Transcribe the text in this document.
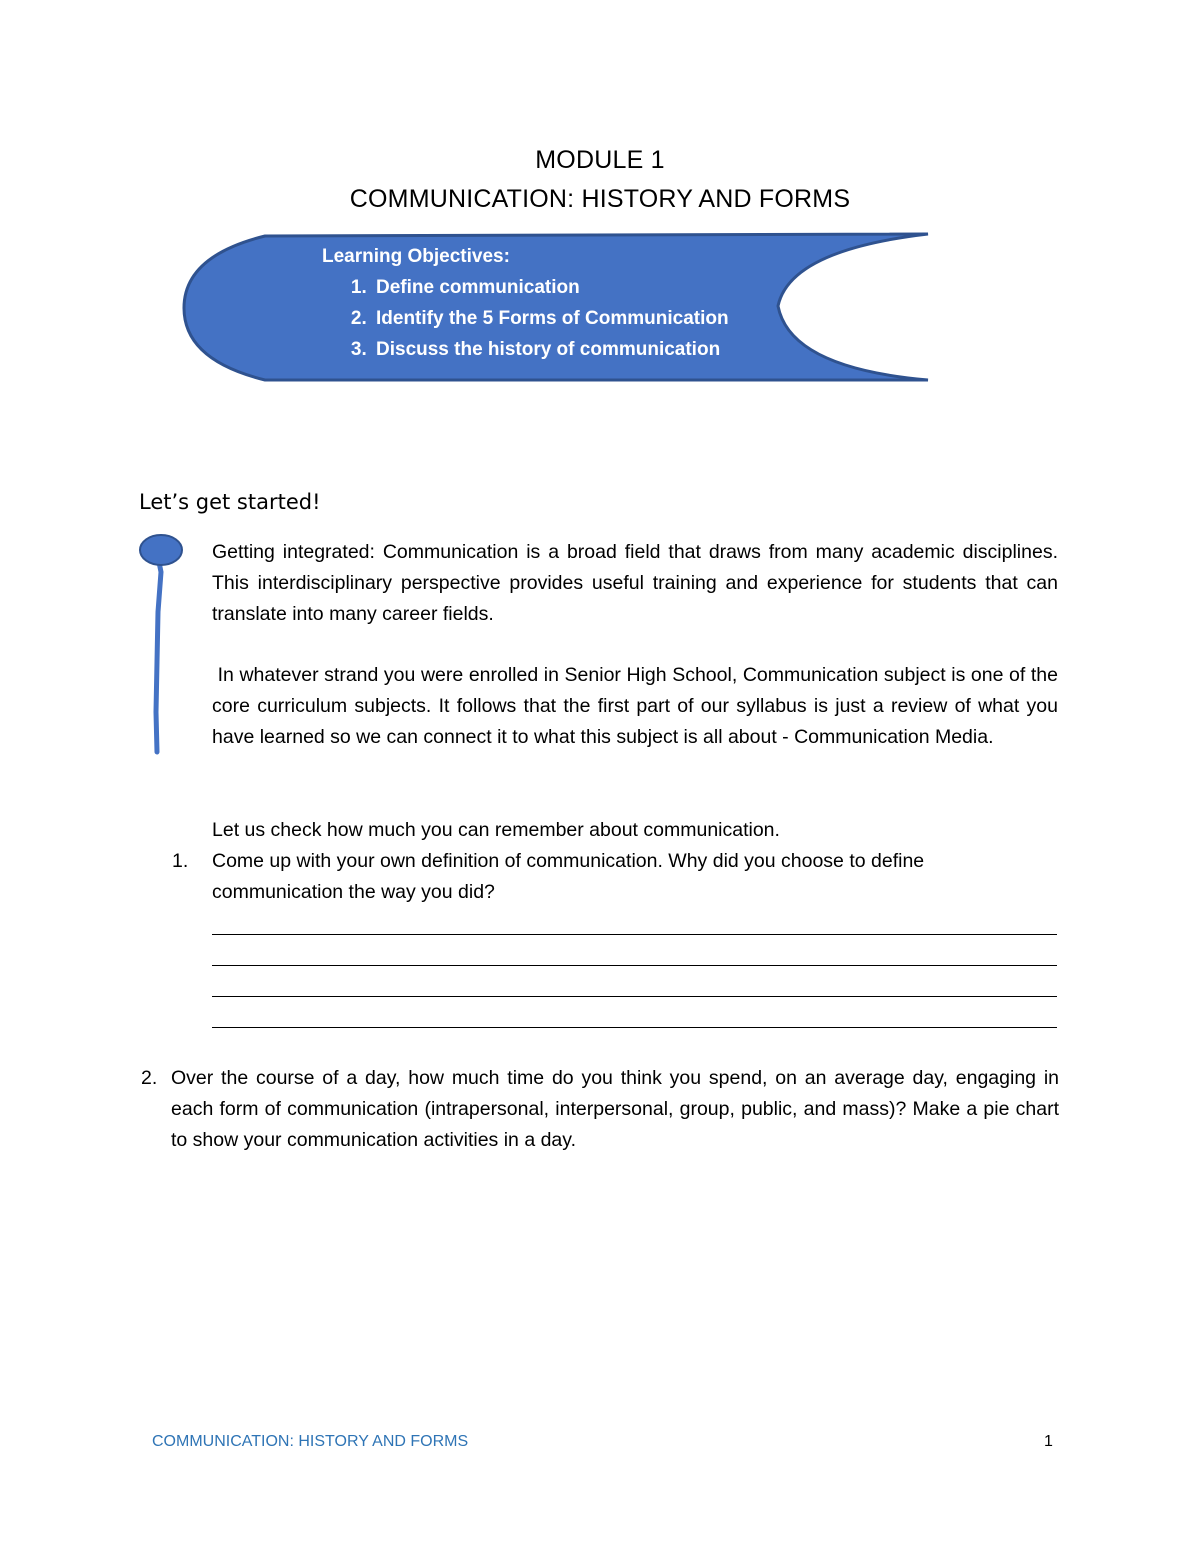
MODULE 1
COMMUNICATION: HISTORY AND FORMS
Learning Objectives:
1. Define communication
2. Identify the 5 Forms of Communication
3. Discuss the history of communication
Let’s get started!
Getting integrated: Communication is a broad field that draws from many academic disciplines. This interdisciplinary perspective provides useful training and experience for students that can translate into many career fields.
In whatever strand you were enrolled in Senior High School, Communication subject is one of the core curriculum subjects. It follows that the first part of our syllabus is just a review of what you have learned so we can connect it to what this subject is all about - Communication Media.
Let us check how much you can remember about communication.
1. Come up with your own definition of communication. Why did you choose to define communication the way you did?
2. Over the course of a day, how much time do you think you spend, on an average day, engaging in each form of communication (intrapersonal, interpersonal, group, public, and mass)? Make a pie chart to show your communication activities in a day.
COMMUNICATION: HISTORY AND FORMS	1
